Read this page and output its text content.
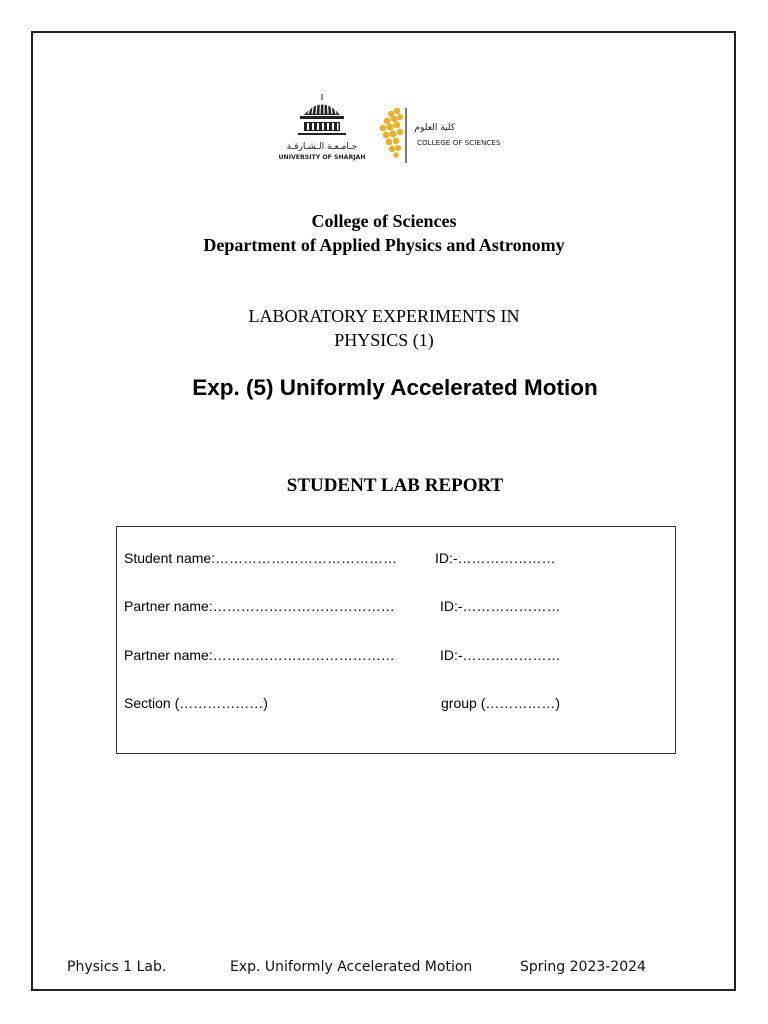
جـامـعـة الـشـارقـة
UNIVERSITY OF SHARJAH
كلية العلوم
COLLEGE OF SCIENCES
College of Sciences
Department of Applied Physics and Astronomy
LABORATORY EXPERIMENTS IN
PHYSICS (1)
Exp. (5) Uniformly Accelerated Motion
STUDENT LAB REPORT
Student name:…………………………………	ID:-…………………
Partner name:…………………………………	ID:-…………………
Partner name:…………………………………	ID:-…………………
Section (………………)	group (……………)
Physics 1 Lab.	Exp. Uniformly Accelerated Motion	Spring 2023-2024
